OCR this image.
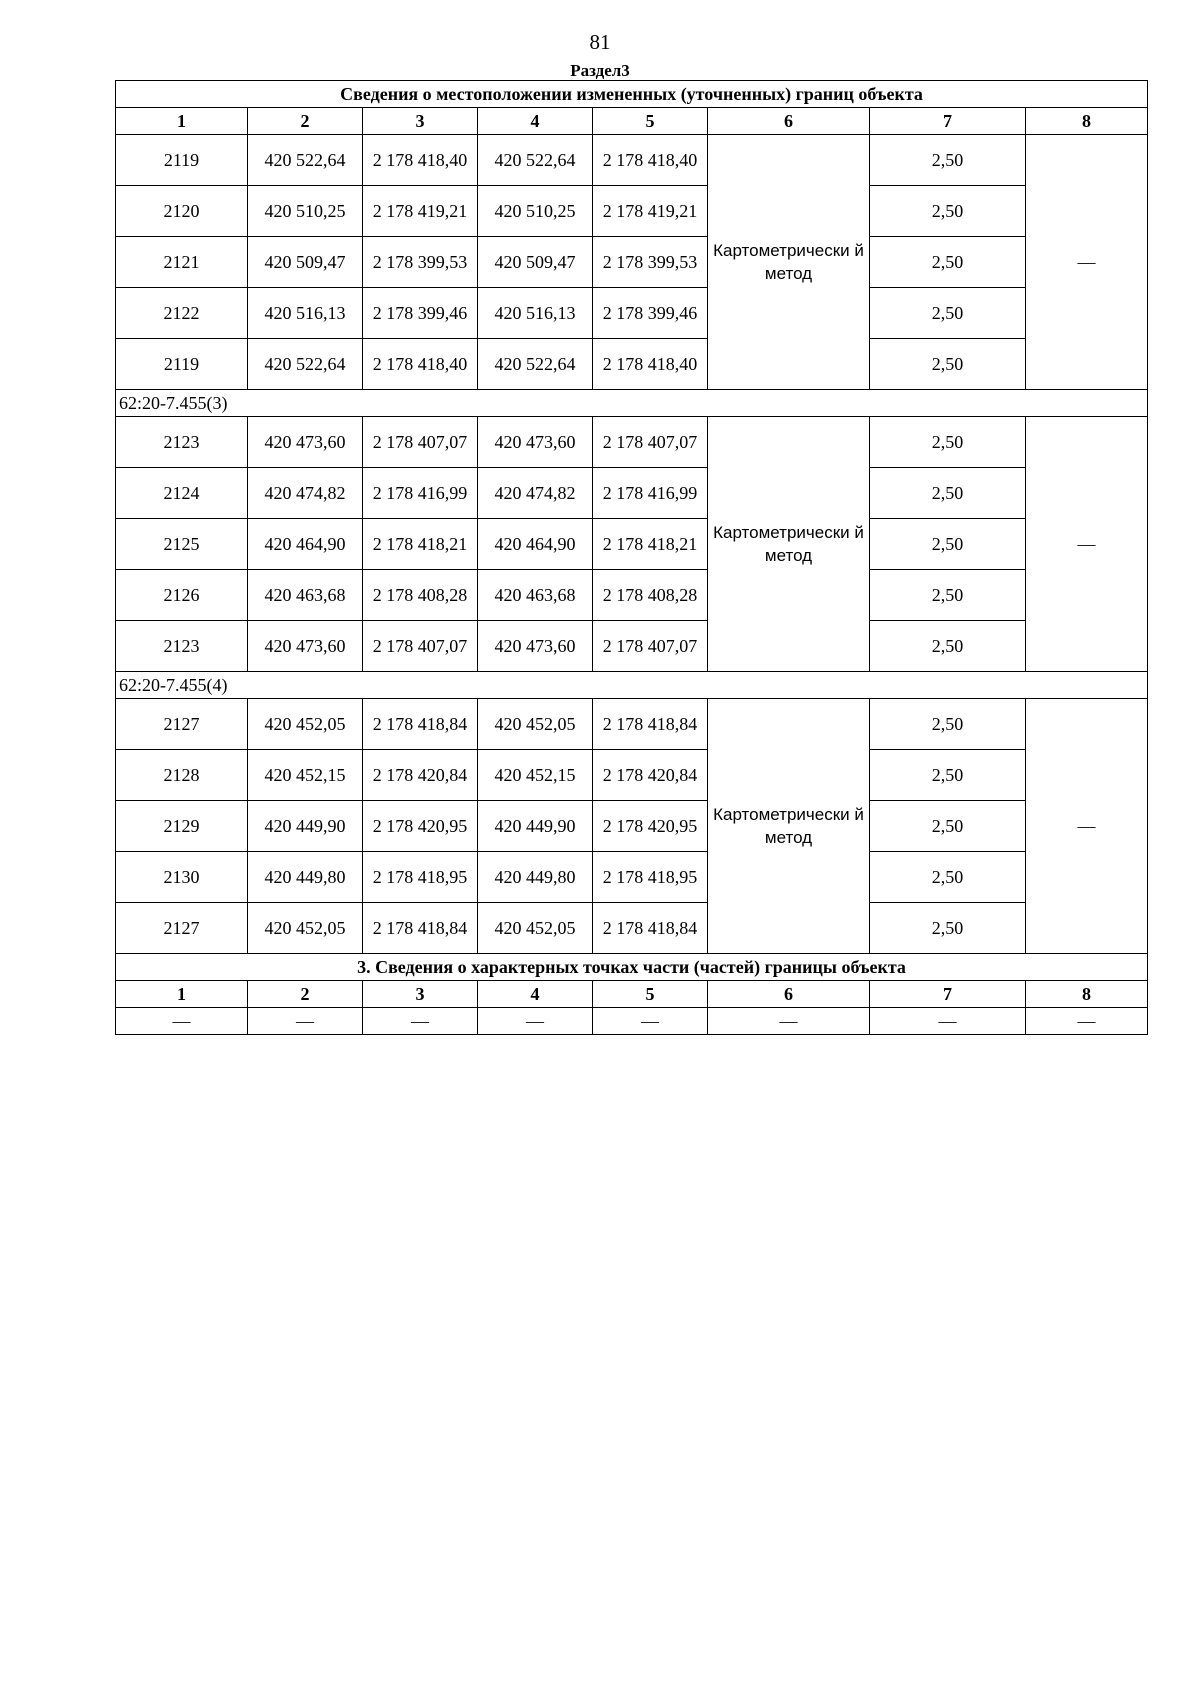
81
Раздел3
Сведения о местоположении измененных (уточненных) границ объекта							
1	2	3	4	5	6	7	8
2119	420 522,64	2 178 418,40	420 522,64	2 178 418,40	Картометрически й метод	2,50	—
2120	420 510,25	2 178 419,21	420 510,25	2 178 419,21		2,50	
2121	420 509,47	2 178 399,53	420 509,47	2 178 399,53		2,50	
2122	420 516,13	2 178 399,46	420 516,13	2 178 399,46		2,50	
2119	420 522,64	2 178 418,40	420 522,64	2 178 418,40		2,50	
62:20-7.455(3)							
2123	420 473,60	2 178 407,07	420 473,60	2 178 407,07	Картометрически й метод	2,50	—
2124	420 474,82	2 178 416,99	420 474,82	2 178 416,99		2,50	
2125	420 464,90	2 178 418,21	420 464,90	2 178 418,21		2,50	
2126	420 463,68	2 178 408,28	420 463,68	2 178 408,28		2,50	
2123	420 473,60	2 178 407,07	420 473,60	2 178 407,07		2,50	
62:20-7.455(4)							
2127	420 452,05	2 178 418,84	420 452,05	2 178 418,84	Картометрически й метод	2,50	—
2128	420 452,15	2 178 420,84	420 452,15	2 178 420,84		2,50	
2129	420 449,90	2 178 420,95	420 449,90	2 178 420,95		2,50	
2130	420 449,80	2 178 418,95	420 449,80	2 178 418,95		2,50	
2127	420 452,05	2 178 418,84	420 452,05	2 178 418,84		2,50	
3. Сведения о характерных точках части (частей) границы объекта							
1	2	3	4	5	6	7	8
—	—	—	—	—	—	—	—
